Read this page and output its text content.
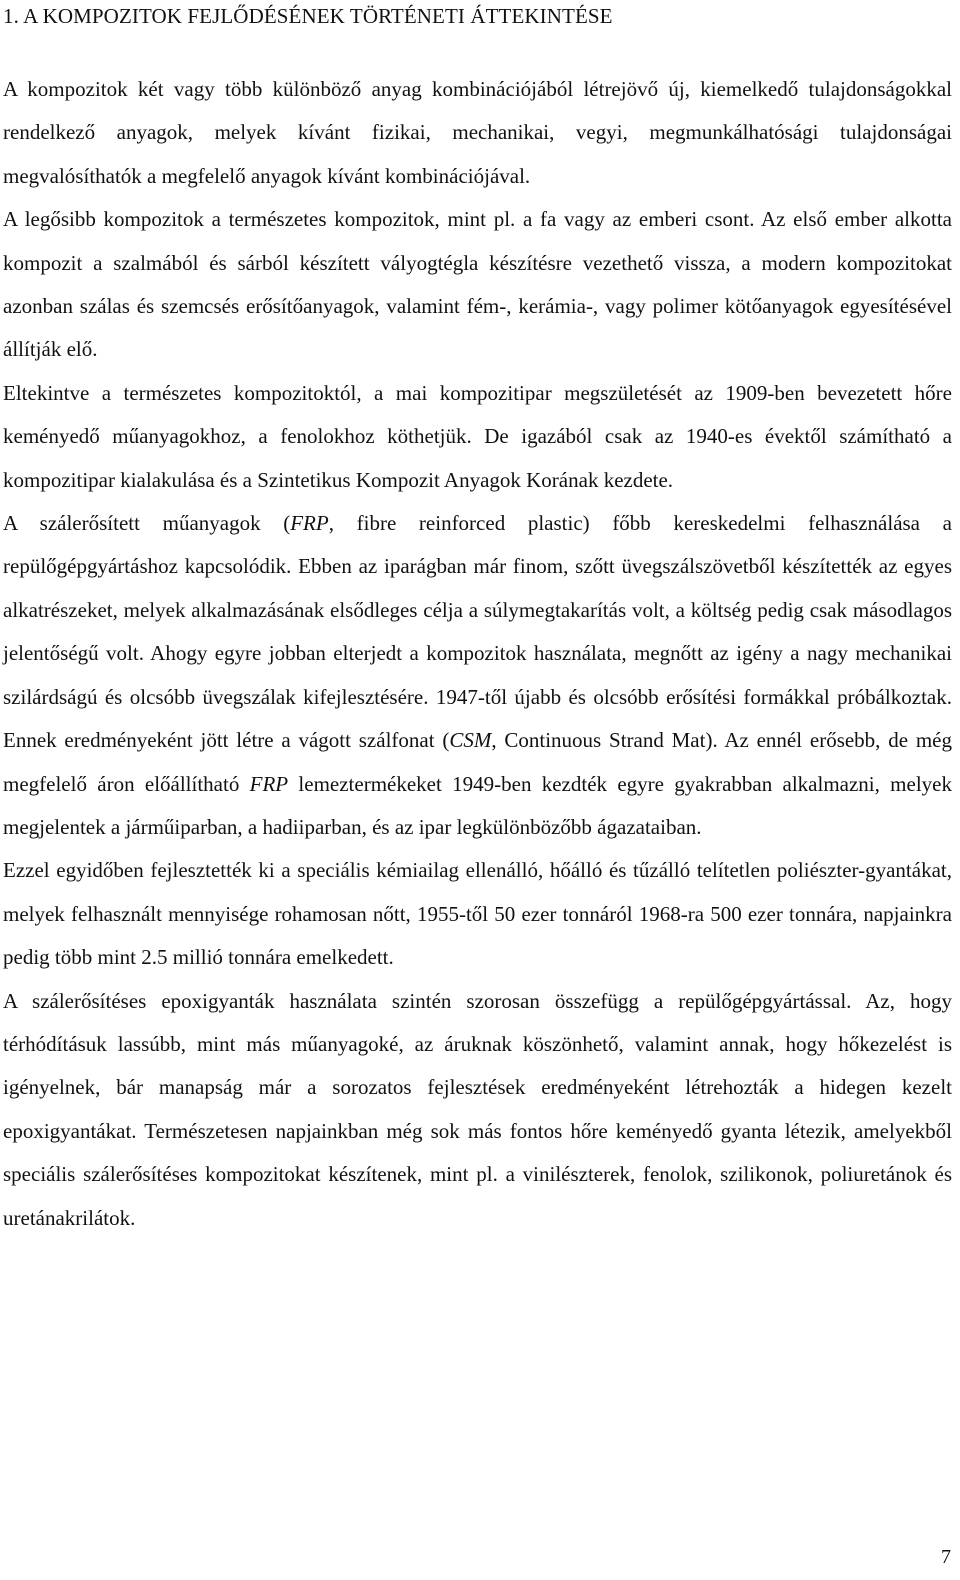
1. A KOMPOZITOK FEJLŐDÉSÉNEK TÖRTÉNETI ÁTTEKINTÉSE

A kompozitok két vagy több különböző anyag kombinációjából létrejövő új, kiemelkedő tulajdonságokkal rendelkező anyagok, melyek kívánt fizikai, mechanikai, vegyi, megmunkálhatósági tulajdonságai megvalósíthatók a megfelelő anyagok kívánt kombinációjával.

A legősibb kompozitok a természetes kompozitok, mint pl. a fa vagy az emberi csont. Az első ember alkotta kompozit a szalmából és sárból készített vályogtégla készítésre vezethető vissza, a modern kompozitokat azonban szálas és szemcsés erősítőanyagok, valamint fém-, kerámia-, vagy polimer kötőanyagok egyesítésével állítják elő.

Eltekintve a természetes kompozitoktól, a mai kompozitipar megszületését az 1909-ben bevezetett hőre keményedő műanyagokhoz, a fenolokhoz köthetjük. De igazából csak az 1940-es évektől számítható a kompozitipar kialakulása és a Szintetikus Kompozit Anyagok Korának kezdete.

A szálerősített műanyagok (FRP, fibre reinforced plastic) főbb kereskedelmi felhasználása a repülőgépgyártáshoz kapcsolódik. Ebben az iparágban már finom, szőtt üvegszálszövetből készítették az egyes alkatrészeket, melyek alkalmazásának elsődleges célja a súlymegtakarítás volt, a költség pedig csak másodlagos jelentőségű volt. Ahogy egyre jobban elterjedt a kompozitok használata, megnőtt az igény a nagy mechanikai szilárdságú és olcsóbb üvegszálak kifejlesztésére. 1947-től újabb és olcsóbb erősítési formákkal próbálkoztak. Ennek eredményeként jött létre a vágott szálfonat (CSM, Continuous Strand Mat). Az ennél erősebb, de még megfelelő áron előállítható FRP lemeztermékeket 1949-ben kezdték egyre gyakrabban alkalmazni, melyek megjelentek a járműiparban, a hadiiparban, és az ipar legkülönbözőbb ágazataiban.

Ezzel egyidőben fejlesztették ki a speciális kémiailag ellenálló, hőálló és tűzálló telítetlen poliészter-gyantákat, melyek felhasznált mennyisége rohamosan nőtt, 1955-től 50 ezer tonnáról 1968-ra 500 ezer tonnára, napjainkra pedig több mint 2.5 millió tonnára emelkedett.

A szálerősítéses epoxigyanták használata szintén szorosan összefügg a repülőgépgyártással. Az, hogy térhódításuk lassúbb, mint más műanyagoké, az áruknak köszönhető, valamint annak, hogy hőkezelést is igényelnek, bár manapság már a sorozatos fejlesztések eredményeként létrehozták a hidegen kezelt epoxigyantákat. Természetesen napjainkban még sok más fontos hőre keményedő gyanta létezik, amelyekből speciális szálerősítéses kompozitokat készítenek, mint pl. a vinilészterek, fenolok, szilikonok, poliuretánok és uretánakrilátok.

7
